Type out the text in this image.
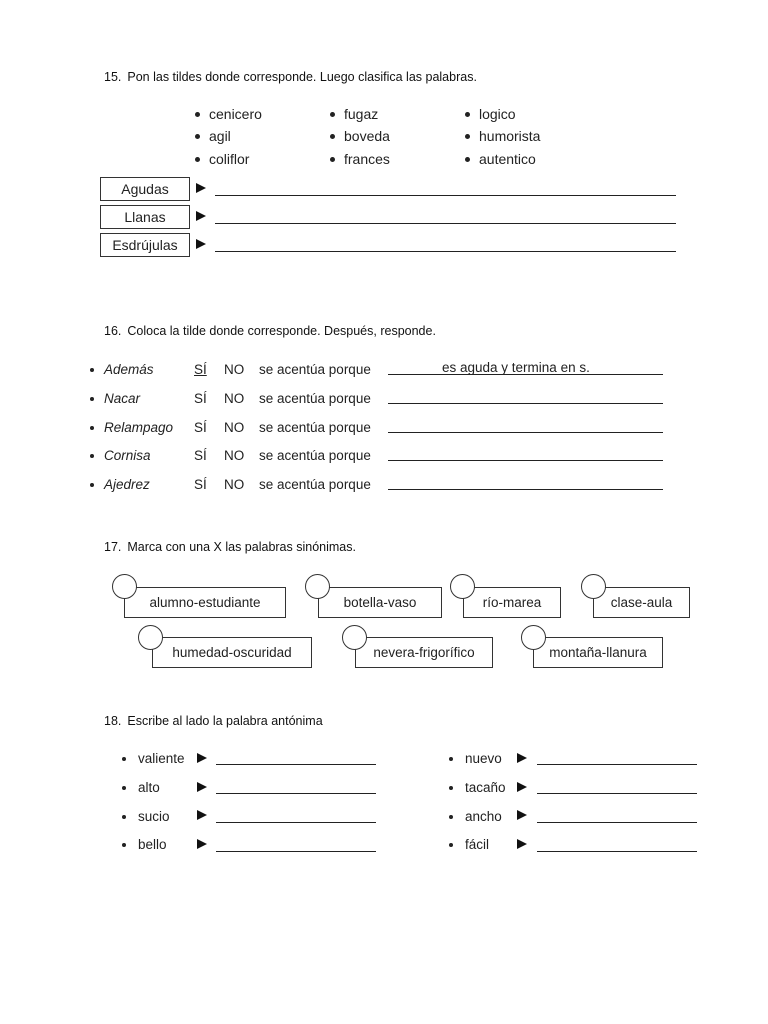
15. Pon las tildes donde corresponde. Luego clasifica las palabras.
cenicero
agil
coliflor
fugaz
boveda
frances
logico
humorista
autentico
Agudas
Llanas
Esdrújulas
16. Coloca la tilde donde corresponde. Después, responde.
Además	SÍ NO se acentúa porque	es aguda y termina en s.
Nacar	SÍ NO se acentúa porque
Relampago SÍ NO se acentúa porque
Cornisa	SÍ NO se acentúa porque
Ajedrez	SÍ NO se acentúa porque
17. Marca con una X las palabras sinónimas.
alumno-estudiante	botella-vaso	río-marea	clase-aula
humedad-oscuridad	nevera-frigorífico	montaña-llanura
18. Escribe al lado la palabra antónima
valiente
alto
sucio
bello
nuevo
tacaño
ancho
fácil
